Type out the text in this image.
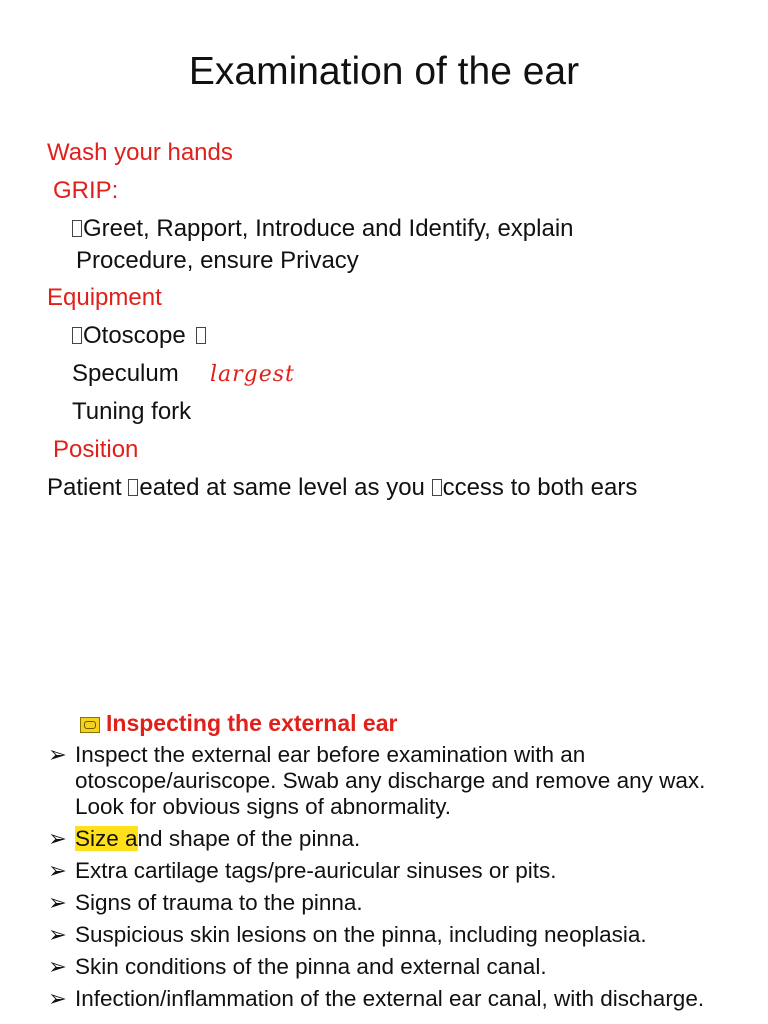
Examination of the ear
Wash your hands
GRIP:
Greet, Rapport, Introduce and Identify, explain
Procedure, ensure Privacy
Equipment
Otoscope
Speculum largest
Tuning fork
Position
Patient eated at same level as you ccess to both ears
Inspecting the external ear
➢ Inspect the external ear before examination with an otoscope/auriscope. Swab any discharge and remove any wax. Look for obvious signs of abnormality.
➢ Size and shape of the pinna.
➢ Extra cartilage tags/pre-auricular sinuses or pits.
➢ Signs of trauma to the pinna.
➢ Suspicious skin lesions on the pinna, including neoplasia.
➢ Skin conditions of the pinna and external canal.
➢ Infection/inflammation of the external ear canal, with discharge.
